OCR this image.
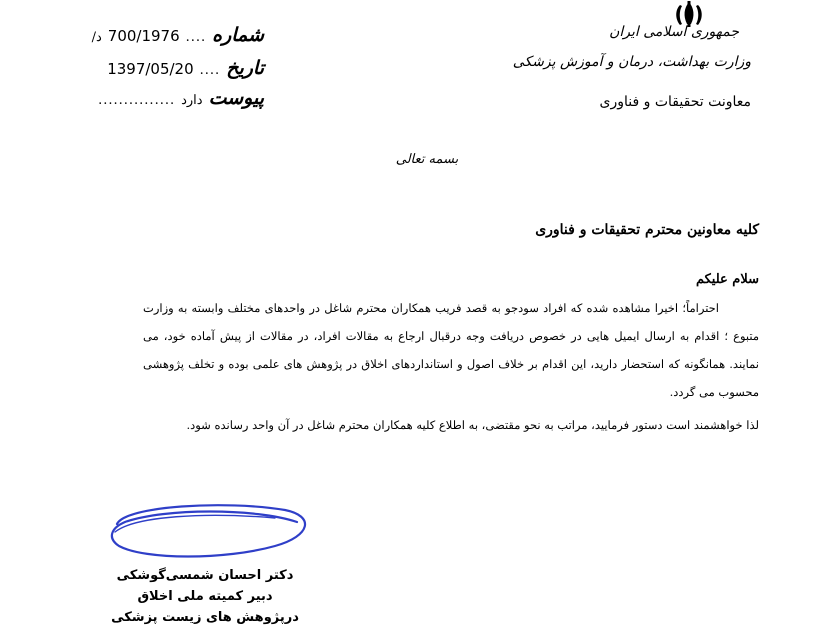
جمهوری اسلامی ایران
وزارت بهداشت، درمان و آموزش پزشکی
معاونت تحقیقات و فناوری
شماره
....
700/1976
د/
تاریخ
....
1397/05/20
پیوست
دارد
...............
بسمه تعالی
کلیه معاونین محترم تحقیقات و فناوری
سلام علیکم

احتراماً؛ اخیرا مشاهده شده که افراد سودجو به قصد فریب همکاران محترم شاغل در واحدهای مختلف وابسته به وزارت متبوع ؛ اقدام به ارسال ایمیل هایی در خصوص دریافت وجه درقبال ارجاع به مقالات افراد، در مقالات از پیش آماده خود، می نمایند. همانگونه که استحضار دارید، این اقدام بر خلاف اصول و استانداردهای اخلاق در پژوهش های علمی بوده و تخلف پژوهشی محسوب می گردد.

لذا خواهشمند است دستور فرمایید، مراتب به نحو مقتضی، به اطلاع کلیه همکاران محترم شاغل در آن واحد رسانده شود.
دکتر احسان شمسی‌گوشکی
دبیر کمیته ملی اخلاق
درپژوهش های زیست پزشکی
